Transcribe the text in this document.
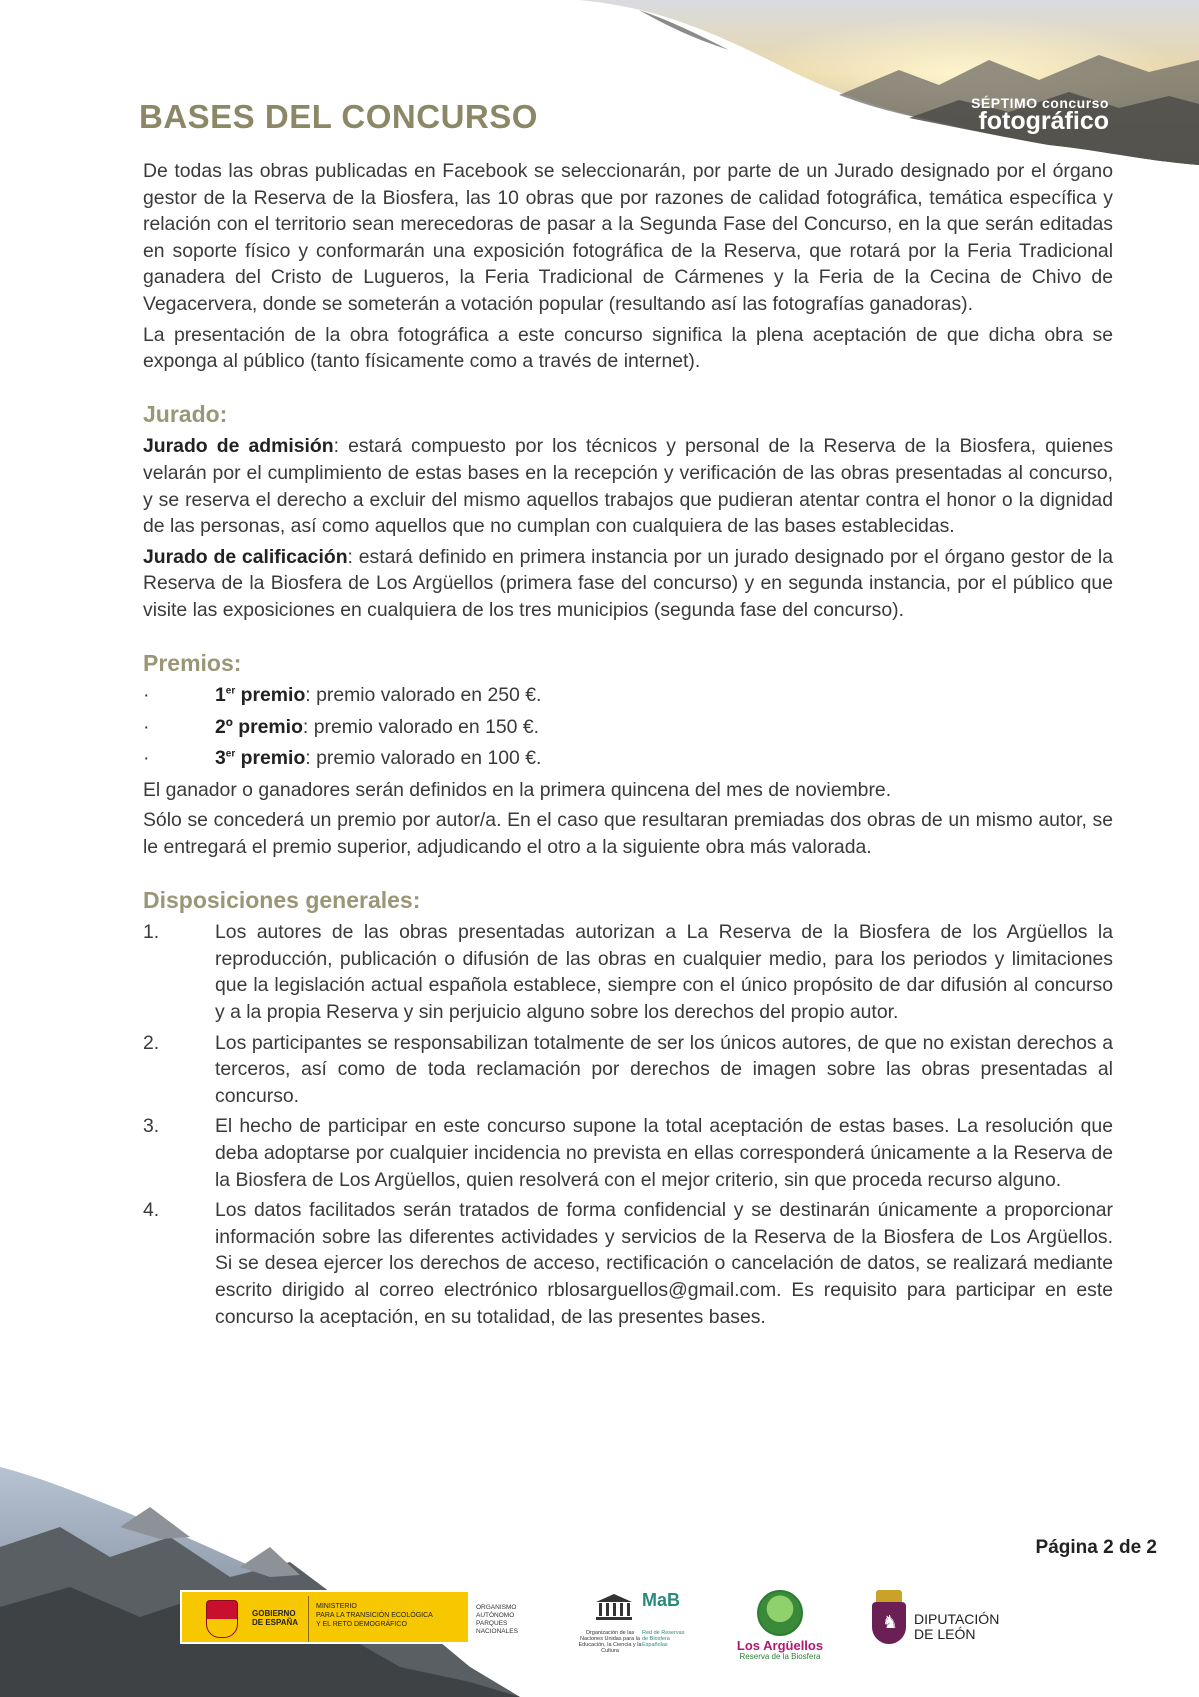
SÉPTIMO concurso
fotográfico
BASES DEL CONCURSO

De todas las obras publicadas en Facebook se seleccionarán, por parte de un Jurado designado por el órgano gestor de la Reserva de la Biosfera, las 10 obras que por razones de calidad fotográfica, temática específica y relación con el territorio sean merecedoras de pasar a la Segunda Fase del Concurso, en la que serán editadas en soporte físico y conformarán una exposición fotográfica de la Reserva, que rotará por la Feria Tradicional ganadera del Cristo de Lugueros, la Feria Tradicional de Cármenes y la Feria de la Cecina de Chivo de Vegacervera, donde se someterán a votación popular (resultando así las fotografías ganadoras).

La presentación de la obra fotográfica a este concurso significa la plena aceptación de que dicha obra se exponga al público (tanto físicamente como a través de internet).

Jurado:

Jurado de admisión: estará compuesto por los técnicos y personal de la Reserva de la Biosfera, quienes velarán por el cumplimiento de estas bases en la recepción y verificación de las obras presentadas al concurso, y se reserva el derecho a excluir del mismo aquellos trabajos que pudieran atentar contra el honor o la dignidad de las personas, así como aquellos que no cumplan con cualquiera de las bases establecidas.

Jurado de calificación: estará definido en primera instancia por un jurado designado por el órgano gestor de la Reserva de la Biosfera de Los Argüellos (primera fase del concurso) y en segunda instancia, por el público que visite las exposiciones en cualquiera de los tres municipios (segunda fase del concurso).

Premios:
·	1er premio: premio valorado en 250 €.
·	2º premio: premio valorado en 150 €.
·	3er premio: premio valorado en 100 €.

El ganador o ganadores serán definidos en la primera quincena del mes de noviembre.

Sólo se concederá un premio por autor/a. En el caso que resultaran premiadas dos obras de un mismo autor, se le entregará el premio superior, adjudicando el otro a la siguiente obra más valorada.

Disposiciones generales:
1.	Los autores de las obras presentadas autorizan a La Reserva de la Biosfera de los Argüellos la reproducción, publicación o difusión de las obras en cualquier medio, para los periodos y limitaciones que la legislación actual española establece, siempre con el único propósito de dar difusión al concurso y a la propia Reserva y sin perjuicio alguno sobre los derechos del propio autor.
2.	Los participantes se responsabilizan totalmente de ser los únicos autores, de que no existan derechos a terceros, así como de toda reclamación por derechos de imagen sobre las obras presentadas al concurso.
3.	El hecho de participar en este concurso supone la total aceptación de estas bases. La resolución que deba adoptarse por cualquier incidencia no prevista en ellas corresponderá únicamente a la Reserva de la Biosfera de Los Argüellos, quien resolverá con el mejor criterio, sin que proceda recurso alguno.
4.	Los datos facilitados serán tratados de forma confidencial y se destinarán únicamente a proporcionar información sobre las diferentes actividades y servicios de la Reserva de la Biosfera de Los Argüellos. Si se desea ejercer los derechos de acceso, rectificación o cancelación de datos, se realizará mediante escrito dirigido al correo electrónico rblosarguellos@gmail.com. Es requisito para participar en este concurso la aceptación, en su totalidad, de las presentes bases.
Página 2 de 2
GOBIERNO
DE ESPAÑA
MINISTERIO
PARA LA TRANSICIÓN ECOLÓGICA
Y EL RETO DEMOGRÁFICO
ORGANISMO
AUTÓNOMO
PARQUES
NACIONALES
MaB
Organización de las Naciones Unidas para la Educación, la Ciencia y la Cultura
Red de Reservas de Biosfera Españolas	Los Argüellos
Reserva de la Biosfera
♞ DIPUTACIÓN
DE LEÓN
